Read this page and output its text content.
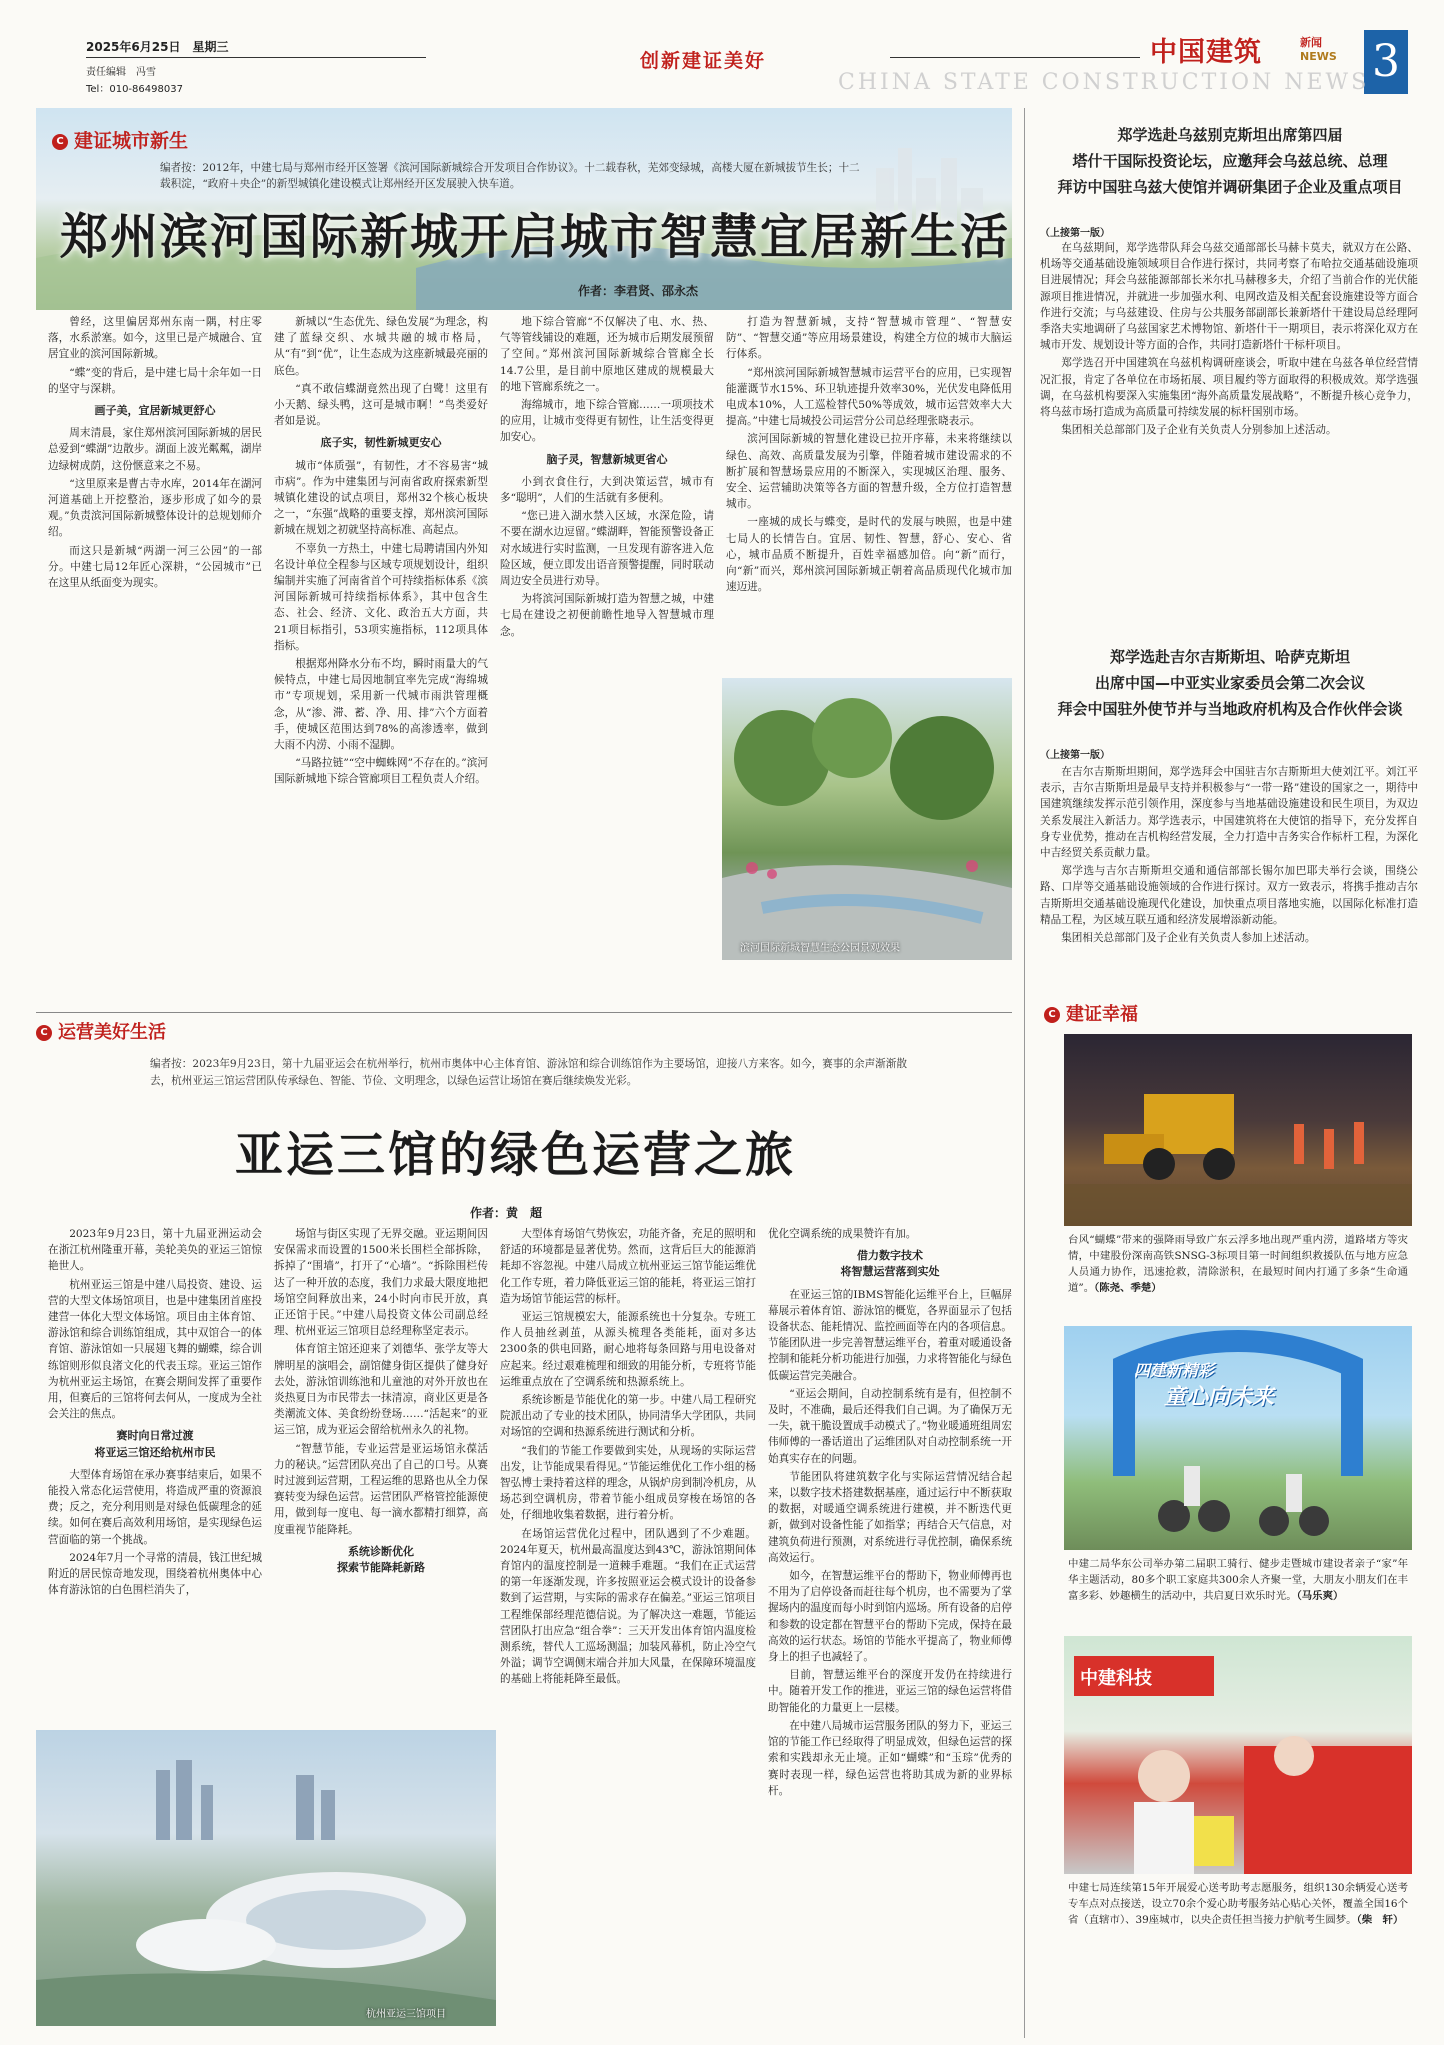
2025年6月25日　星期三
责任编辑　冯雪
Tel：010-86498037
创新建证美好	中国建筑	新闻
NEWS 3
CHINA STATE CONSTRUCTION NEWS
C 建证城市新生
编者按：2012年，中建七局与郑州市经开区签署《滨河国际新城综合开发项目合作协议》。十二载春秋，芜郊变绿城，高楼大厦在新城拔节生长；十二载积淀，“政府＋央企”的新型城镇化建设模式让郑州经开区发展驶入快车道。
郑州滨河国际新城开启城市智慧宜居新生活
作者：李君贤、邵永杰

曾经，这里偏居郑州东南一隅，村庄零落，水系淤塞。如今，这里已是产城融合、宜居宜业的滨河国际新城。

“蝶”变的背后，是中建七局十余年如一日的坚守与深耕。

画子美，宜居新城更舒心

周末清晨，家住郑州滨河国际新城的居民总爱到“蝶湖”边散步。湖面上波光粼粼，湖岸边绿树成荫，这份惬意来之不易。

“这里原来是曹古寺水库，2014年在湖河河道基础上开挖整治，逐步形成了如今的景观。”负责滨河国际新城整体设计的总规划师介绍。

而这只是新城“两湖一河三公园”的一部分。中建七局12年匠心深耕，“公园城市”已在这里从纸面变为现实。

新城以“生态优先、绿色发展”为理念，构建了蓝绿交织、水城共融的城市格局，从“有”到“优”，让生态成为这座新城最亮丽的底色。

“真不敢信蝶湖竟然出现了白鹭！这里有小天鹅、绿头鸭，这可是城市啊！”鸟类爱好者如是说。

底子实，韧性新城更安心

城市“体质强”，有韧性，才不容易害“城市病”。作为中建集团与河南省政府探索新型城镇化建设的试点项目，郑州32个核心板块之一，“东强”战略的重要支撑，郑州滨河国际新城在规划之初就坚持高标准、高起点。

不辜负一方热土，中建七局聘请国内外知名设计单位全程参与区域专项规划设计，组织编制并实施了河南省首个可持续指标体系《滨河国际新城可持续指标体系》，其中包含生态、社会、经济、文化、政治五大方面，共21项目标指引，53项实施指标，112项具体指标。

根据郑州降水分布不均，瞬时雨量大的气候特点，中建七局因地制宜率先完成“海绵城市”专项规划，采用新一代城市雨洪管理概念，从“渗、滞、蓄、净、用、排”六个方面着手，使城区范围达到78%的高渗透率，做到大雨不内涝、小雨不湿脚。

“马路拉链”“空中蜘蛛网”不存在的。”滨河国际新城地下综合管廊项目工程负责人介绍。

地下综合管廊“不仅解决了电、水、热、气等管线铺设的难题，还为城市后期发展预留了空间。”郑州滨河国际新城综合管廊全长14.7公里，是目前中原地区建成的规模最大的地下管廊系统之一。

海绵城市，地下综合管廊……一项项技术的应用，让城市变得更有韧性，让生活变得更加安心。

脑子灵，智慧新城更省心

小到衣食住行，大到决策运营，城市有多“聪明”，人们的生活就有多便利。

“您已进入湖水禁入区域，水深危险，请不要在湖水边逗留。”蝶湖畔，智能预警设备正对水域进行实时监测，一旦发现有游客进入危险区域，便立即发出语音预警提醒，同时联动周边安全员进行劝导。

为将滨河国际新城打造为智慧之城，中建七局在建设之初便前瞻性地导入智慧城市理念。

打造为智慧新城，支持“智慧城市管理”、“智慧安防”、“智慧交通”等应用场景建设，构建全方位的城市大脑运行体系。

“郑州滨河国际新城智慧城市运营平台的应用，已实现智能灌溉节水15%、环卫轨迹提升效率30%，光伏发电降低用电成本10%，人工巡检替代50%等成效，城市运营效率大大提高。”中建七局城投公司运营分公司总经理张晓表示。

滨河国际新城的智慧化建设已拉开序幕，未来将继续以绿色、高效、高质量发展为引擎，伴随着城市建设需求的不断扩展和智慧场景应用的不断深入，实现城区治理、服务、安全、运营辅助决策等各方面的智慧升级，全方位打造智慧城市。

一座城的成长与蝶变，是时代的发展与映照，也是中建七局人的长情告白。宜居、韧性、智慧，舒心、安心、省心，城市品质不断提升，百姓幸福感加倍。向“新”而行，向“新”而兴，郑州滨河国际新城正朝着高品质现代化城市加速迈进。

滨河国际新城智慧生态公园景观效果
郑学选赴乌兹别克斯坦出席第四届
塔什干国际投资论坛，应邀拜会乌兹总统、总理
拜访中国驻乌兹大使馆并调研集团子企业及重点项目
（上接第一版）

在乌兹期间，郑学选带队拜会乌兹交通部部长马赫卡莫夫，就双方在公路、机场等交通基础设施领域项目合作进行探讨，共同考察了布哈拉交通基础设施项目进展情况；拜会乌兹能源部部长米尔扎马赫穆多夫，介绍了当前合作的光伏能源项目推进情况，并就进一步加强水利、电网改造及相关配套设施建设等方面合作进行交流；与乌兹建设、住房与公共服务部副部长兼新塔什干建设局总经理阿季洛夫实地调研了乌兹国家艺术博物馆、新塔什干一期项目，表示将深化双方在城市开发、规划设计等方面的合作，共同打造新塔什干标杆项目。

郑学选召开中国建筑在乌兹机构调研座谈会，听取中建在乌兹各单位经营情况汇报，肯定了各单位在市场拓展、项目履约等方面取得的积极成效。郑学选强调，在乌兹机构要深入实施集团“海外高质量发展战略”，不断提升核心竞争力，将乌兹市场打造成为高质量可持续发展的标杆国别市场。

集团相关总部部门及子企业有关负责人分别参加上述活动。

郑学选赴吉尔吉斯斯坦、哈萨克斯坦
出席中国—中亚实业家委员会第二次会议
拜会中国驻外使节并与当地政府机构及合作伙伴会谈
（上接第一版）

在吉尔吉斯斯坦期间，郑学选拜会中国驻吉尔吉斯斯坦大使刘江平。刘江平表示，吉尔吉斯斯坦是最早支持并积极参与“一带一路”建设的国家之一，期待中国建筑继续发挥示范引领作用，深度参与当地基础设施建设和民生项目，为双边关系发展注入新活力。郑学选表示，中国建筑将在大使馆的指导下，充分发挥自身专业优势，推动在吉机构经营发展，全力打造中吉务实合作标杆工程，为深化中吉经贸关系贡献力量。

郑学选与吉尔吉斯斯坦交通和通信部部长锡尔加巴耶夫举行会谈，围绕公路、口岸等交通基础设施领域的合作进行探讨。双方一致表示，将携手推动吉尔吉斯斯坦交通基础设施现代化建设，加快重点项目落地实施，以国际化标准打造精品工程，为区域互联互通和经济发展增添新动能。

集团相关总部部门及子企业有关负责人参加上述活动。

C 建证幸福
台风“蝴蝶”带来的强降雨导致广东云浮多地出现严重内涝，道路堵方等灾情，中建股份深南高铁SNSG-3标项目第一时间组织救援队伍与地方应急人员通力协作，迅速抢救，清除淤积，在最短时间内打通了多条“生命通道”。（陈尧、季楚）
四建新精彩
童心向未来
中建二局华东公司举办第二届职工骑行、健步走暨城市建设者亲子“家”年华主题活动，80多个职工家庭共300余人齐聚一堂，大朋友小朋友们在丰富多彩、妙趣横生的活动中，共启夏日欢乐时光。（马乐爽）
中建科技
中建七局连续第15年开展爱心送考助考志愿服务，组织130余辆爱心送考专车点对点接送，设立70余个爱心助考服务站心贴心关怀，覆盖全国16个省（直辖市）、39座城市，以央企责任担当接力护航考生圆梦。（柴　轩）
C 运营美好生活
编者按：2023年9月23日，第十九届亚运会在杭州举行，杭州市奥体中心主体育馆、游泳馆和综合训练馆作为主要场馆，迎接八方来客。如今，赛事的余声渐渐散去，杭州亚运三馆运营团队传承绿色、智能、节俭、文明理念，以绿色运营让场馆在赛后继续焕发光彩。
亚运三馆的绿色运营之旅
作者：黄　超

2023年9月23日，第十九届亚洲运动会在浙江杭州隆重开幕，美轮美奂的亚运三馆惊艳世人。

杭州亚运三馆是中建八局投资、建设、运营的大型文体场馆项目，也是中建集团首座投建营一体化大型文体场馆。项目由主体育馆、游泳馆和综合训练馆组成，其中双馆合一的体育馆、游泳馆如一只展翅飞舞的蝴蝶，综合训练馆则形似良渚文化的代表玉琮。亚运三馆作为杭州亚运主场馆，在赛会期间发挥了重要作用，但赛后的三馆将何去何从，一度成为全社会关注的焦点。

赛时向日常过渡
将亚运三馆还给杭州市民

大型体育场馆在承办赛事结束后，如果不能投入常态化运营使用，将造成严重的资源浪费；反之，充分利用则是对绿色低碳理念的延续。如何在赛后高效利用场馆，是实现绿色运营面临的第一个挑战。

2024年7月一个寻常的清晨，钱江世纪城附近的居民惊奇地发现，围绕着杭州奥体中心体育游泳馆的白色围栏消失了，

场馆与街区实现了无界交融。亚运期间因安保需求而设置的1500米长围栏全部拆除，拆掉了“围墙”，打开了“心墙”。“拆除围栏传达了一种开放的态度，我们力求最大限度地把场馆空间释放出来，24小时向市民开放，真正还馆于民。”中建八局投资文体公司副总经理、杭州亚运三馆项目总经理称坚定表示。

体育馆主馆还迎来了刘德华、张学友等大牌明星的演唱会，副馆健身街区提供了健身好去处，游泳馆训练池和儿童池的对外开放也在炎热夏日为市民带去一抹清凉，商业区更是各类潮流文体、美食纷纷登场……“活起来”的亚运三馆，成为亚运会留给杭州永久的礼物。

“智慧节能，专业运营是亚运场馆永葆活力的秘诀。”运营团队亮出了自己的口号。从赛时过渡到运营期，工程运维的思路也从全力保赛转变为绿色运营。运营团队严格管控能源使用，做到每一度电、每一滴水都精打细算，高度重视节能降耗。

系统诊断优化
探索节能降耗新路

大型体育场馆气势恢宏，功能齐备，充足的照明和舒适的环境都是显著优势。然而，这背后巨大的能源消耗却不容忽视。中建八局成立杭州亚运三馆节能运维优化工作专班，着力降低亚运三馆的能耗，将亚运三馆打造为场馆节能运营的标杆。

亚运三馆规模宏大，能源系统也十分复杂。专班工作人员抽丝剥茧，从源头梳理各类能耗，面对多达2300条的供电回路，耐心地将每条回路与用电设备对应起来。经过艰难梳理和细致的用能分析，专班将节能运维重点放在了空调系统和热源系统上。

系统诊断是节能优化的第一步。中建八局工程研究院派出动了专业的技术团队，协同清华大学团队，共同对场馆的空调和热源系统进行测试和分析。

“我们的节能工作要做到实处，从现场的实际运营出发，让节能成果看得见。”节能运维优化工作小组的杨智弘博士秉持着这样的理念，从锅炉房到制冷机房，从场芯到空调机房，带着节能小组成员穿梭在场馆的各处，仔细地收集着数据，进行着分析。

在场馆运营优化过程中，团队遇到了不少难题。2024年夏天，杭州最高温度达到43℃，游泳馆期间体育馆内的温度控制是一道棘手难题。“我们在正式运营的第一年逐渐发现，许多按照亚运会模式设计的设备参数到了运营期，与实际的需求存在偏差。”亚运三馆项目工程维保部经理范德信说。为了解决这一难题，节能运营团队打出应急“组合拳”：三天开发出体育馆内温度检测系统，替代人工巡场测温；加装风幕机，防止冷空气外溢；调节空调侧末端合并加大风量，在保障环境温度的基础上将能耗降至最低。

优化空调系统的成果赞许有加。

借力数字技术
将智慧运营落到实处

在亚运三馆的IBMS智能化运维平台上，巨幅屏幕展示着体育馆、游泳馆的概览，各界面显示了包括设备状态、能耗情况、监控画面等在内的各项信息。节能团队进一步完善智慧运维平台，着重对暖通设备控制和能耗分析功能进行加强，力求将智能化与绿色低碳运营完美融合。

“亚运会期间，自动控制系统有是有，但控制不及时，不准确，最后还得我们自己调。为了确保万无一失，就干脆设置成手动模式了。”物业暖通班组周宏伟师傅的一番话道出了运维团队对自动控制系统一开始真实存在的问题。

节能团队将建筑数字化与实际运营情况结合起来，以数字技术搭建数据基座，通过运行中不断获取的数据，对暖通空调系统进行建模，并不断迭代更新，做到对设备性能了如指掌；再结合天气信息，对建筑负荷进行预测，对系统进行寻优控制，确保系统高效运行。

如今，在智慧运维平台的帮助下，物业师傅再也不用为了启停设备而赶往每个机房，也不需要为了掌握场内的温度而每小时到馆内巡场。所有设备的启停和参数的设定都在智慧平台的帮助下完成，保持在最高效的运行状态。场馆的节能水平提高了，物业师傅身上的担子也减轻了。

目前，智慧运维平台的深度开发仍在持续进行中。随着开发工作的推进，亚运三馆的绿色运营将借助智能化的力量更上一层楼。

在中建八局城市运营服务团队的努力下，亚运三馆的节能工作已经取得了明显成效，但绿色运营的探索和实践却永无止境。正如“蝴蝶”和“玉琮”优秀的赛时表现一样，绿色运营也将助其成为新的业界标杆。

杭州亚运三馆项目
